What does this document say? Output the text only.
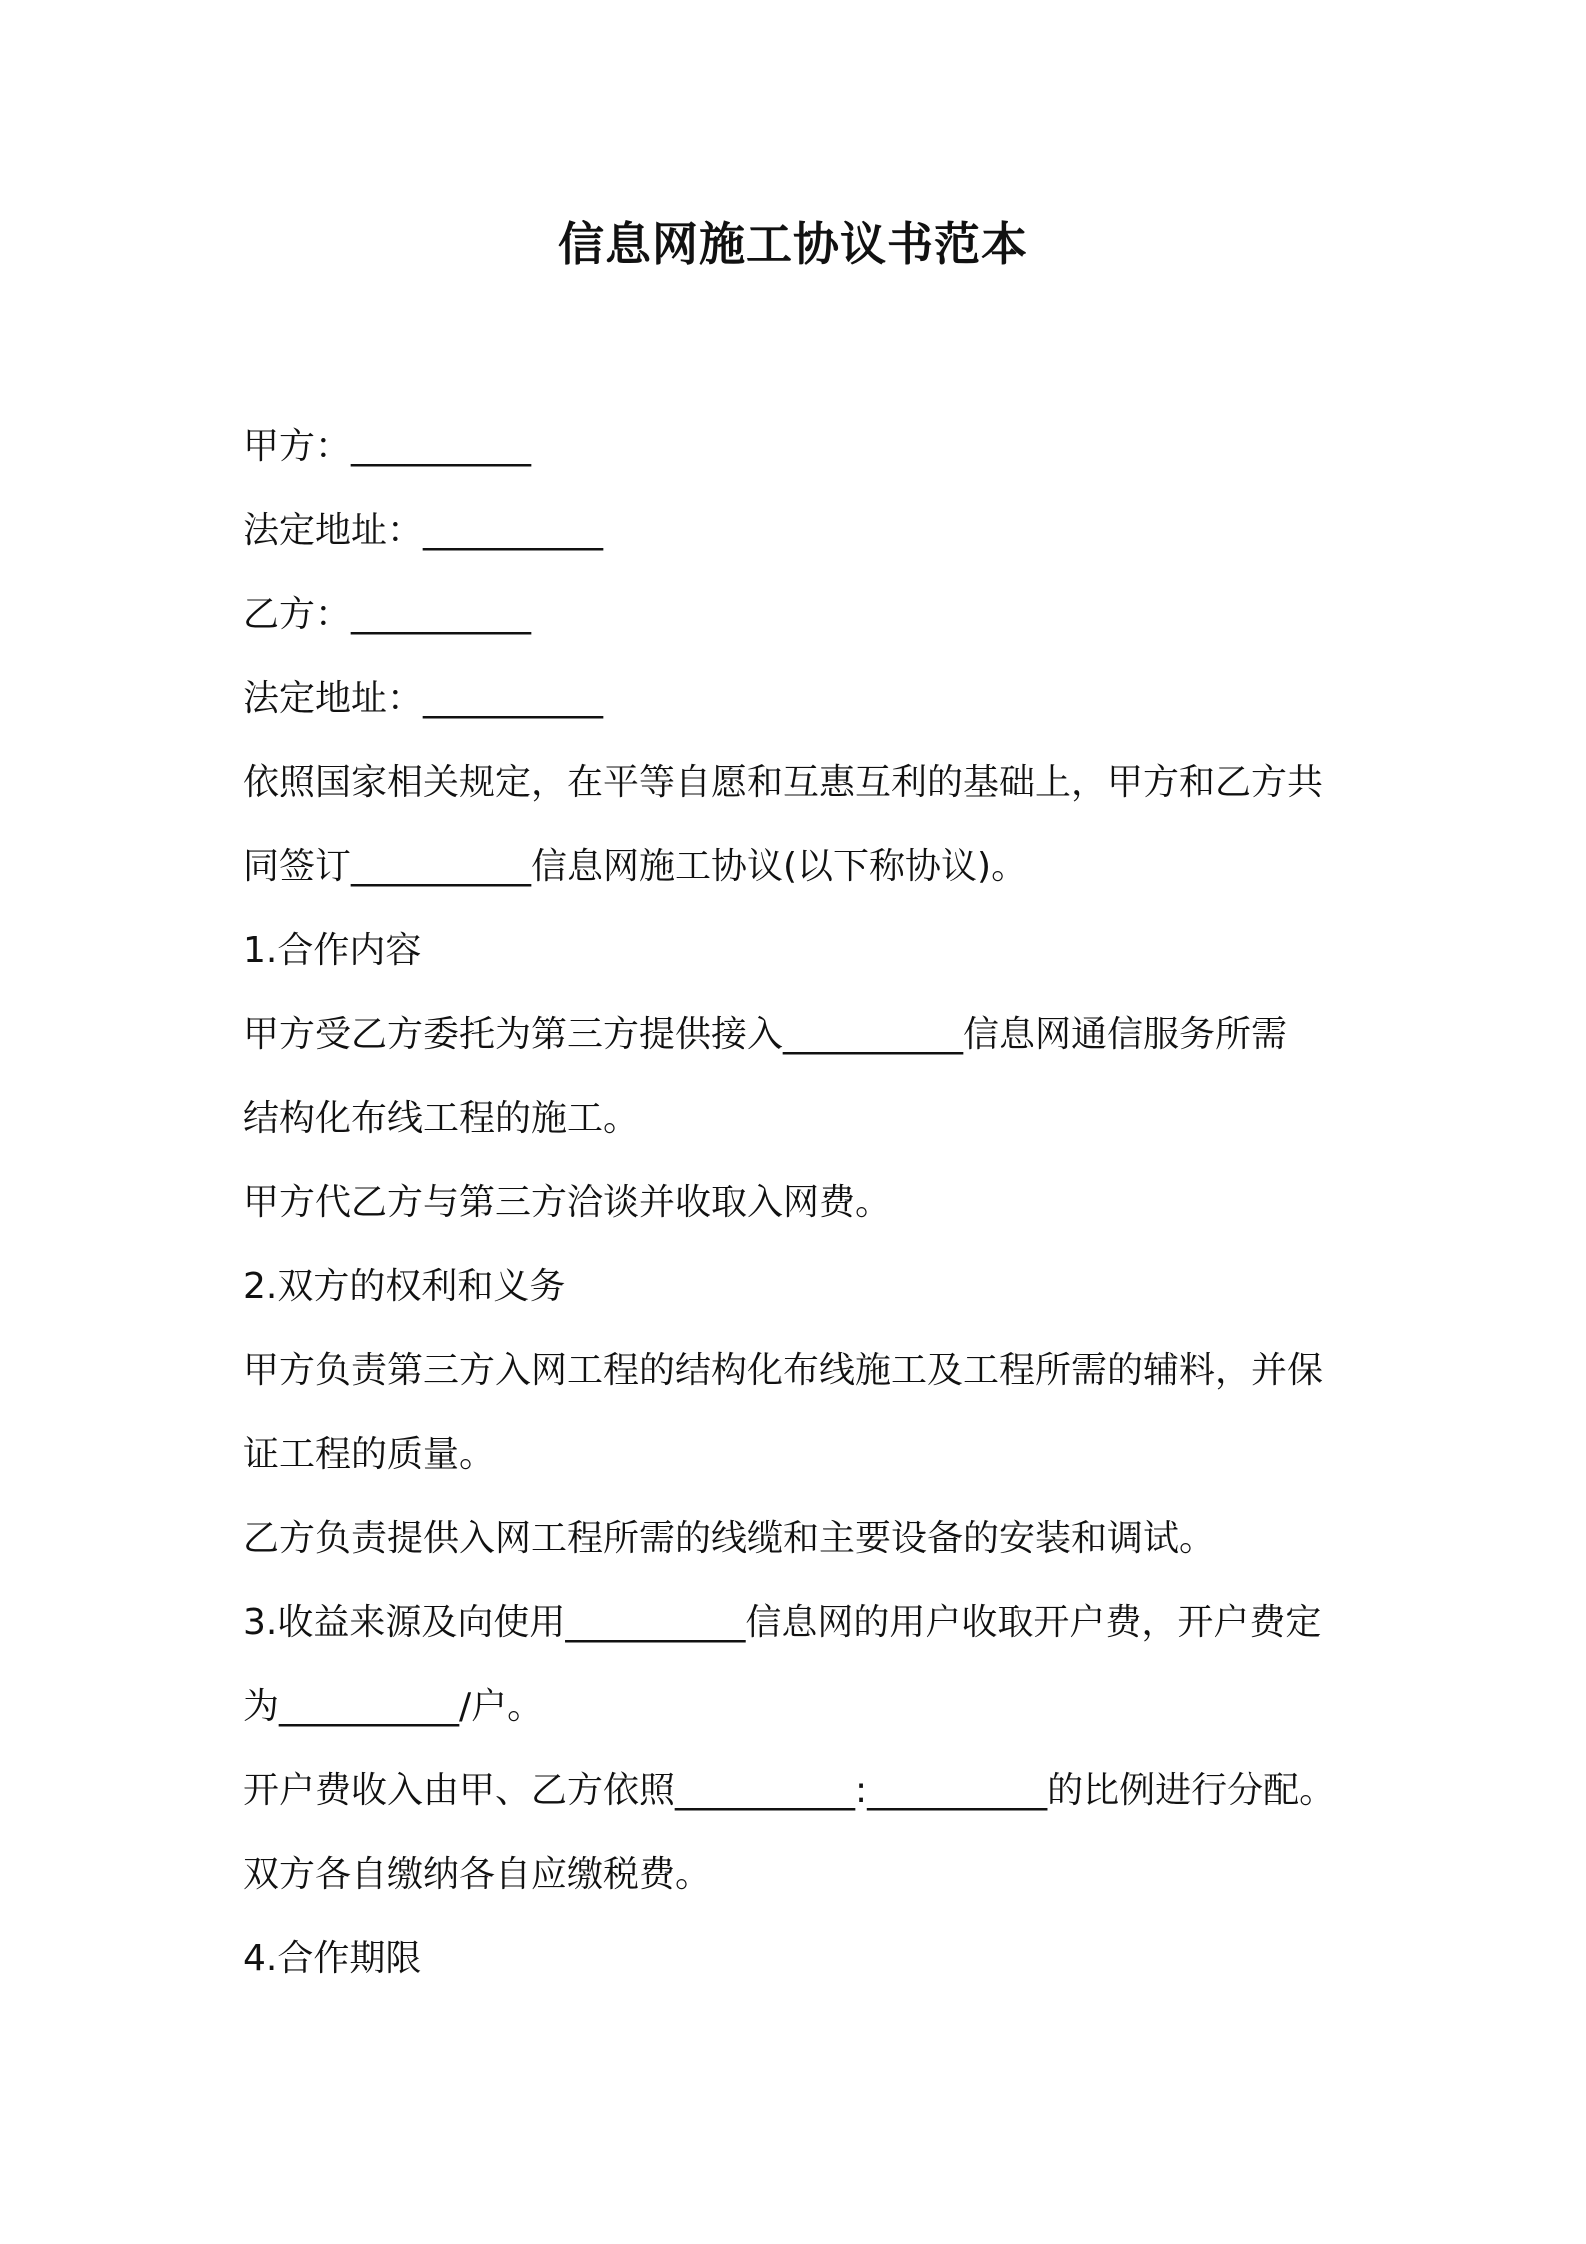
信息网施工协议书范本

甲方：__________

法定地址：__________

乙方：__________

法定地址：__________

依照国家相关规定，在平等自愿和互惠互利的基础上，甲方和乙方共

同签订__________信息网施工协议(以下称协议)。

1.合作内容

甲方受乙方委托为第三方提供接入__________信息网通信服务所需

结构化布线工程的施工。

甲方代乙方与第三方洽谈并收取入网费。

2.双方的权利和义务

甲方负责第三方入网工程的结构化布线施工及工程所需的辅料，并保

证工程的质量。

乙方负责提供入网工程所需的线缆和主要设备的安装和调试。

3.收益来源及向使用__________信息网的用户收取开户费，开户费定

为__________/户。

开户费收入由甲、乙方依照__________:__________的比例进行分配。

双方各自缴纳各自应缴税费。

4.合作期限
